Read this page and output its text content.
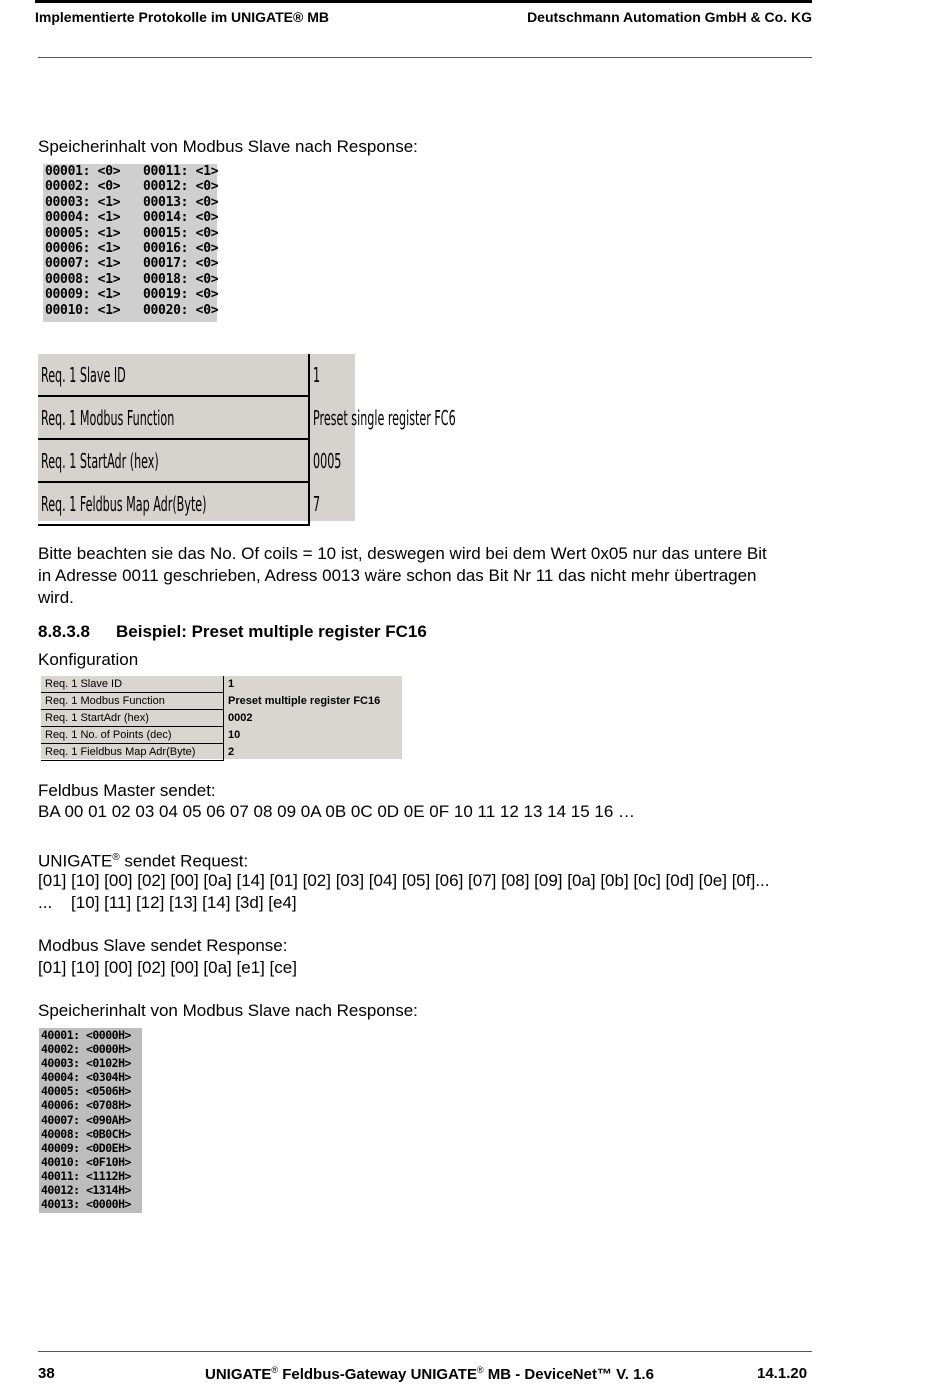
Implementierte Protokolle im UNIGATE® MB	Deutschmann Automation GmbH & Co. KG
Speicherinhalt von Modbus Slave nach Response:
00001: <0>	00011: <1>
00002: <0>	00012: <0>
00003: <1>	00013: <0>
00004: <1>	00014: <0>
00005: <1>	00015: <0>
00006: <1>	00016: <0>
00007: <1>	00017: <0>
00008: <1>	00018: <0>
00009: <1>	00019: <0>
00010: <1>	00020: <0>
Req. 1 Slave ID	1
Req. 1 Modbus Function	Preset single register FC6
Req. 1 StartAdr (hex)	0005
Req. 1 Feldbus Map Adr(Byte)	7
Bitte beachten sie das No. Of coils = 10 ist, deswegen wird bei dem Wert 0x05 nur das untere Bit
in Adresse 0011 geschrieben, Adress 0013 wäre schon das Bit Nr 11 das nicht mehr übertragen
wird.
8.8.3.8 Beispiel: Preset multiple register FC16
Konfiguration
Req. 1 Slave ID	1
Req. 1 Modbus Function	Preset multiple register FC16
Req. 1 StartAdr (hex)	0002
Req. 1 No. of Points (dec)	10
Req. 1 Fieldbus Map Adr(Byte)	2
Feldbus Master sendet:
BA 00 01 02 03 04 05 06 07 08 09 0A 0B 0C 0D 0E 0F 10 11 12 13 14 15 16 …
UNIGATE® sendet Request:
[01] [10] [00] [02] [00] [0a] [14] [01] [02] [03] [04] [05] [06] [07] [08] [09] [0a] [0b] [0c] [0d] [0e] [0f]...
...    [10] [11] [12] [13] [14] [3d] [e4]
Modbus Slave sendet Response:
[01] [10] [00] [02] [00] [0a] [e1] [ce]
Speicherinhalt von Modbus Slave nach Response:
40001: <0000H>
40002: <0000H>
40003: <0102H>
40004: <0304H>
40005: <0506H>
40006: <0708H>
40007: <090AH>
40008: <0B0CH>
40009: <0D0EH>
40010: <0F10H>
40011: <1112H>
40012: <1314H>
40013: <0000H>
38	UNIGATE® Feldbus-Gateway UNIGATE® MB - DeviceNet™ V. 1.6	14.1.20
